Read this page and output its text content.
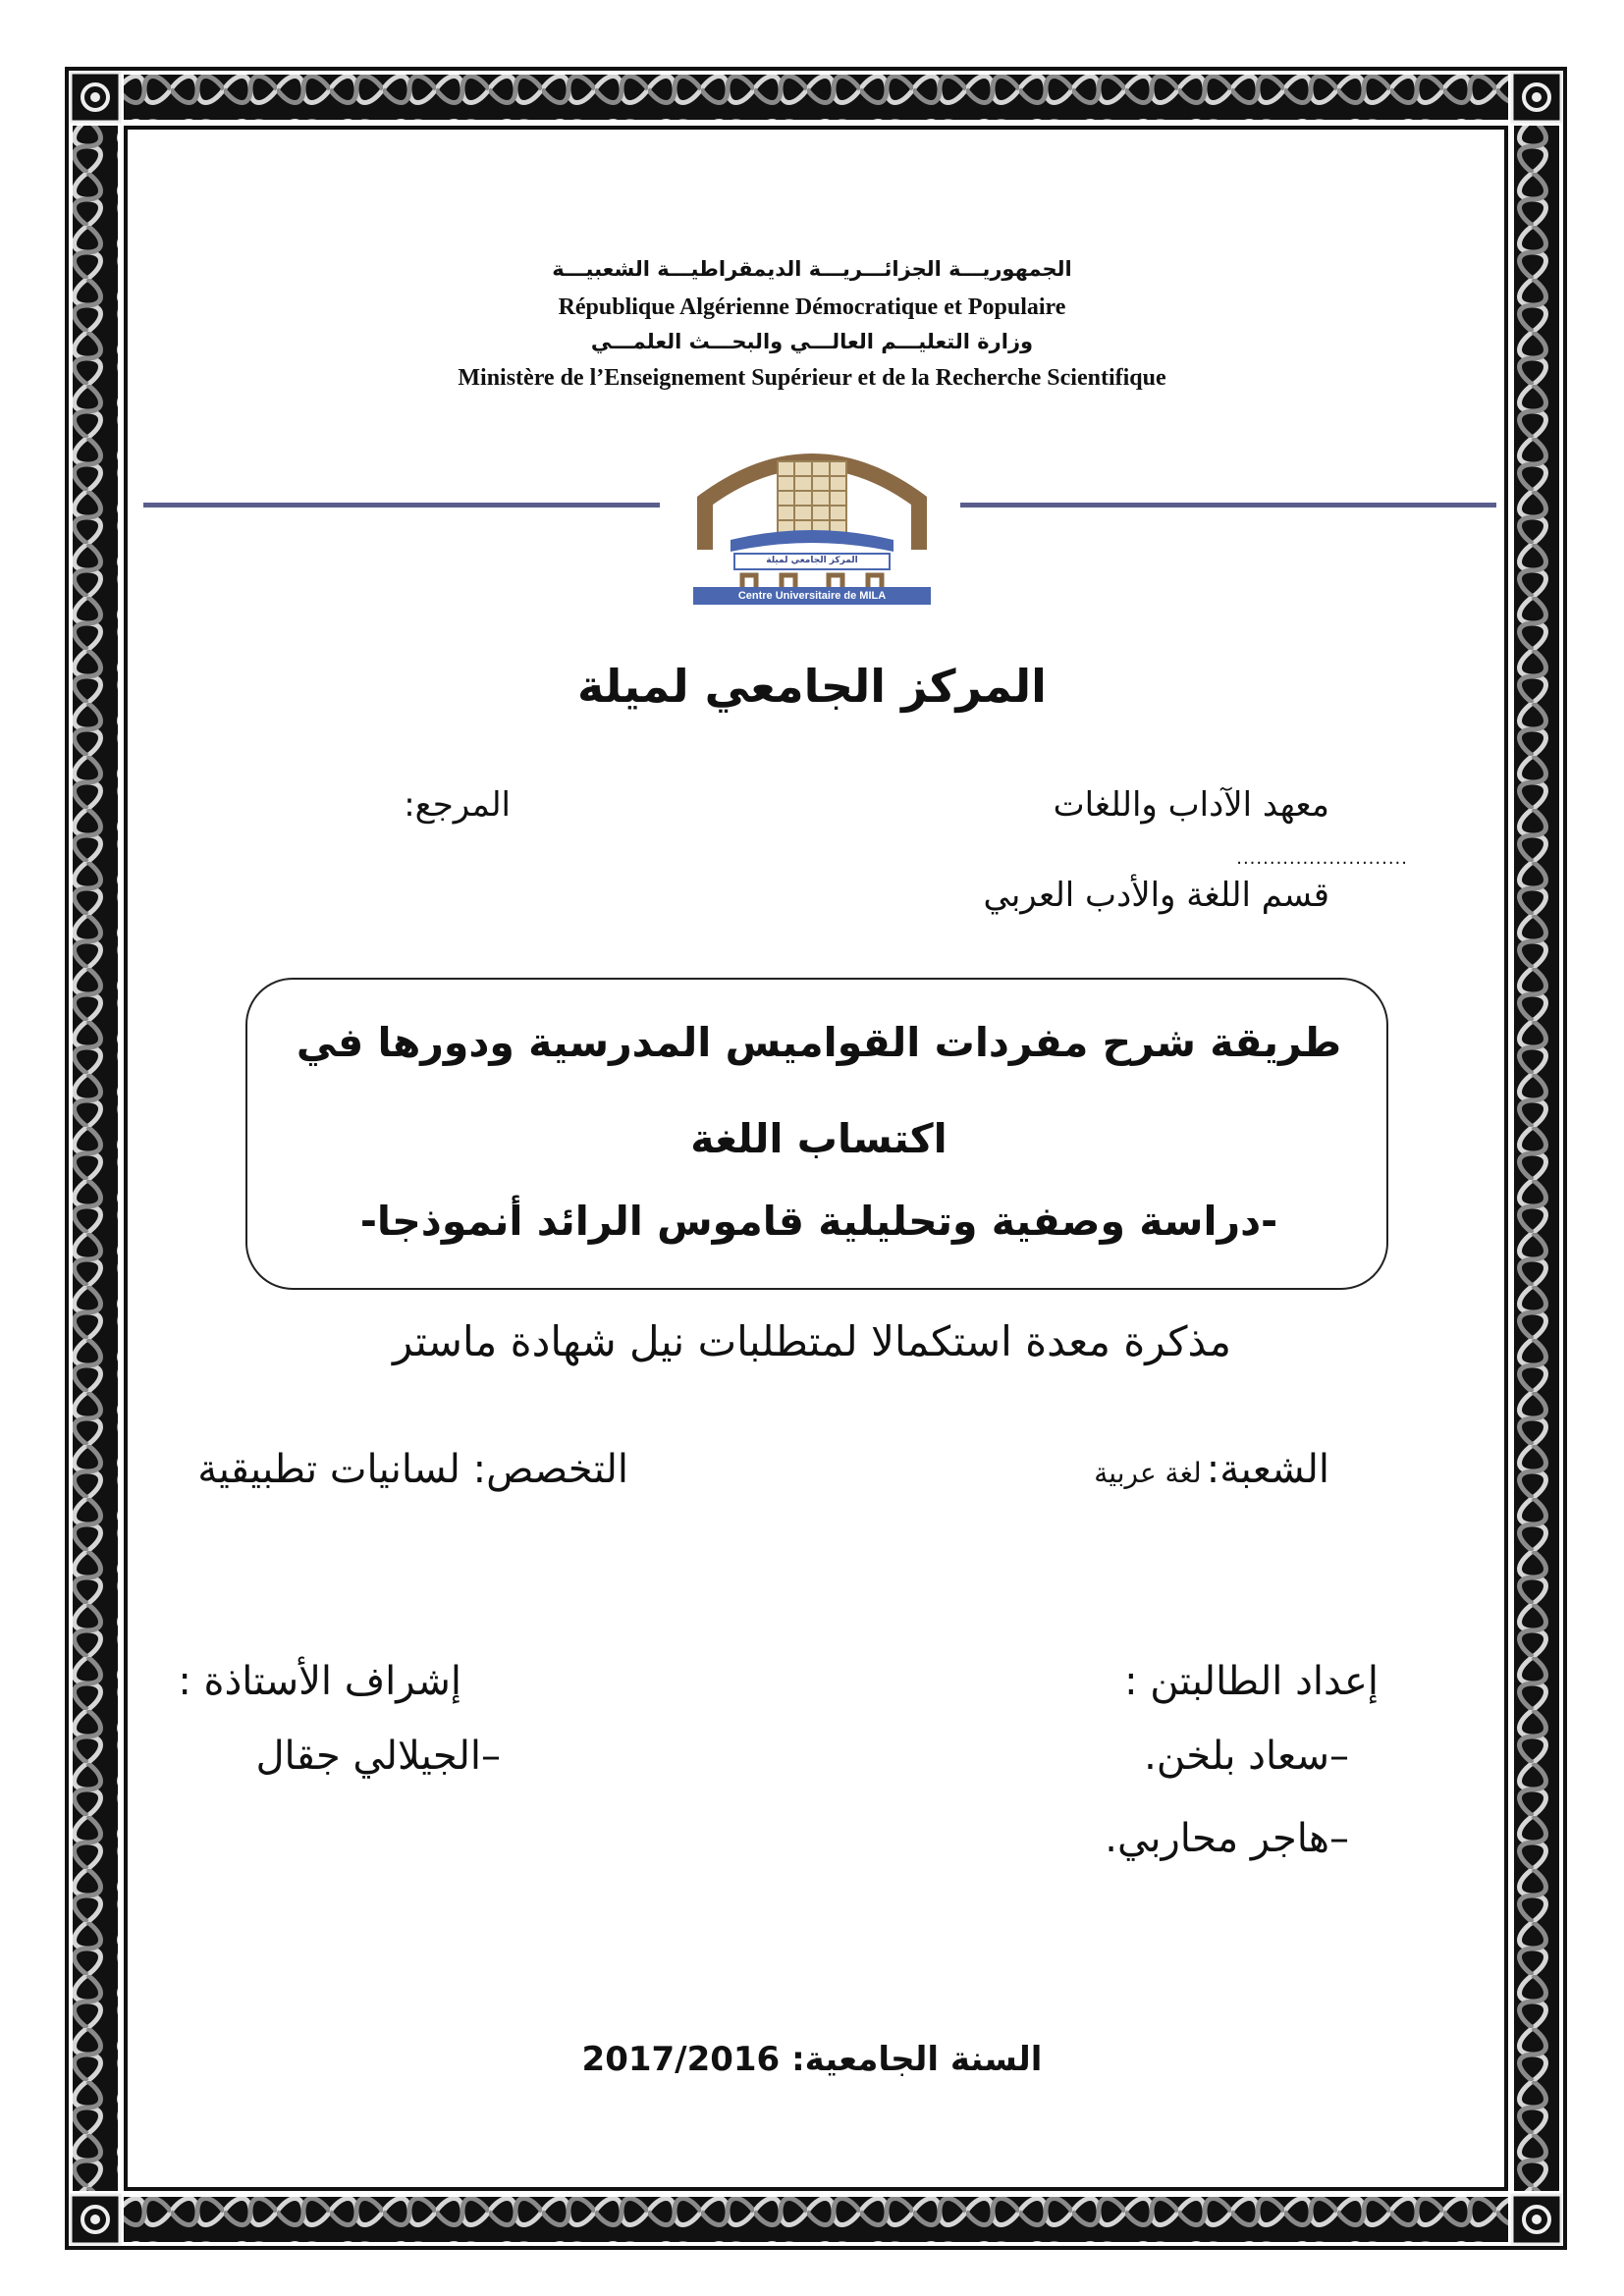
الجمهوريـــة الجزائـــريـــة الديمقراطيـــة الشعبيـــة
République Algérienne Démocratique et Populaire
وزارة التعليـــم العالـــي والبحـــث العلمـــي
Ministère de l’Enseignement Supérieur et de la Recherche Scientifique
المركز الجامعي لميلة
Centre Universitaire de MILA
المركز الجامعي لميلة
معهد الآداب واللغات
المرجع:
..........................
قسم اللغة والأدب العربي
طريقة شرح مفردات القواميس المدرسية ودورها في
اكتساب اللغة
-دراسة وصفية وتحليلية قاموس الرائد أنموذجا-
مذكرة معدة استكمالا لمتطلبات نيل شهادة ماستر
الشعبة: لغة عربية
التخصص: لسانيات تطبيقية
إعداد الطالبتن :
–سعاد بلخن.
–هاجر محاربي.
إشراف الأستاذة :
–الجيلالي جقال
السنة الجامعية: 2017/2016
